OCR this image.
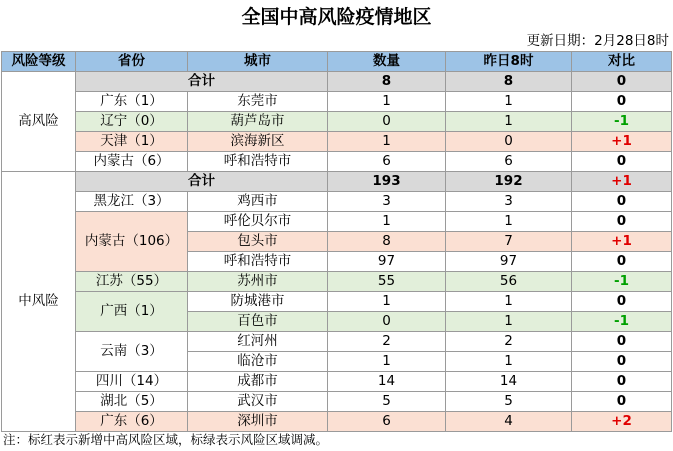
全国中高风险疫情地区
更新日期：2月28日8时
风险等级	省份	城市	数量	昨日8时	对比
高风险	合计		8	8	0
	广东（1）	东莞市	1	1	0
	辽宁（0）	葫芦岛市	0	1	-1
	天津（1）	滨海新区	1	0	+1
	内蒙古（6）	呼和浩特市	6	6	0
中风险	合计		193	192	+1
	黑龙江（3）	鸡西市	3	3	0
	内蒙古（106）	呼伦贝尔市	1	1	0
		包头市	8	7	+1
		呼和浩特市	97	97	0
	江苏（55）	苏州市	55	56	-1
	广西（1）	防城港市	1	1	0
		百色市	0	1	-1
	云南（3）	红河州	2	2	0
		临沧市	1	1	0
	四川（14）	成都市	14	14	0
	湖北（5）	武汉市	5	5	0
	广东（6）	深圳市	6	4	+2
注：标红表示新增中高风险区域，标绿表示风险区域调减。
